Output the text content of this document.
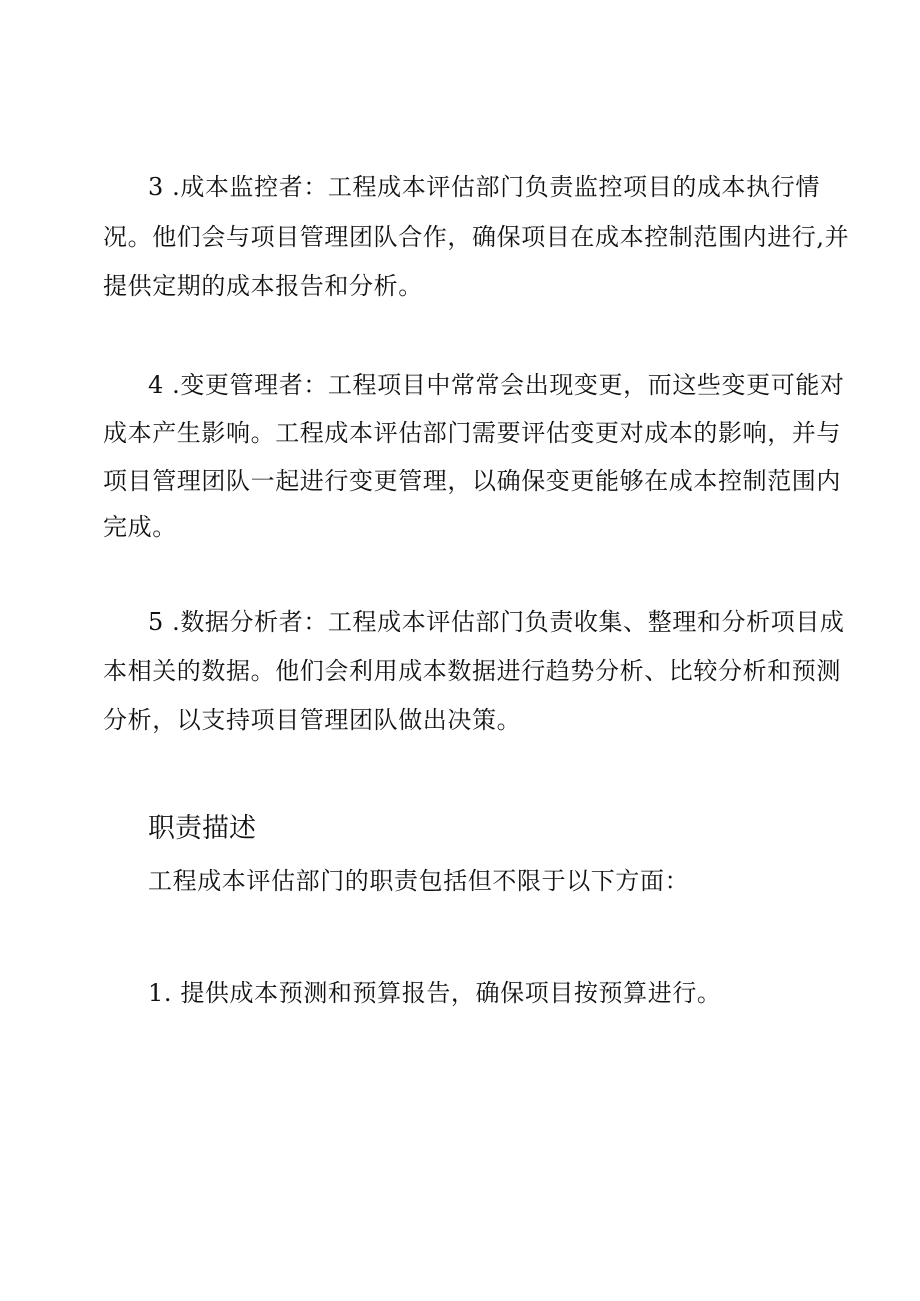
3 .成本监控者：工程成本评估部门负责监控项目的成本执行情
况。他们会与项目管理团队合作，确保项目在成本控制范围内进行,并
提供定期的成本报告和分析。
4 .变更管理者：工程项目中常常会出现变更，而这些变更可能对
成本产生影响。工程成本评估部门需要评估变更对成本的影响，并与
项目管理团队一起进行变更管理，以确保变更能够在成本控制范围内
完成。
5 .数据分析者：工程成本评估部门负责收集、整理和分析项目成
本相关的数据。他们会利用成本数据进行趋势分析、比较分析和预测
分析，以支持项目管理团队做出决策。
职责描述
工程成本评估部门的职责包括但不限于以下方面：
1. 提供成本预测和预算报告，确保项目按预算进行。
